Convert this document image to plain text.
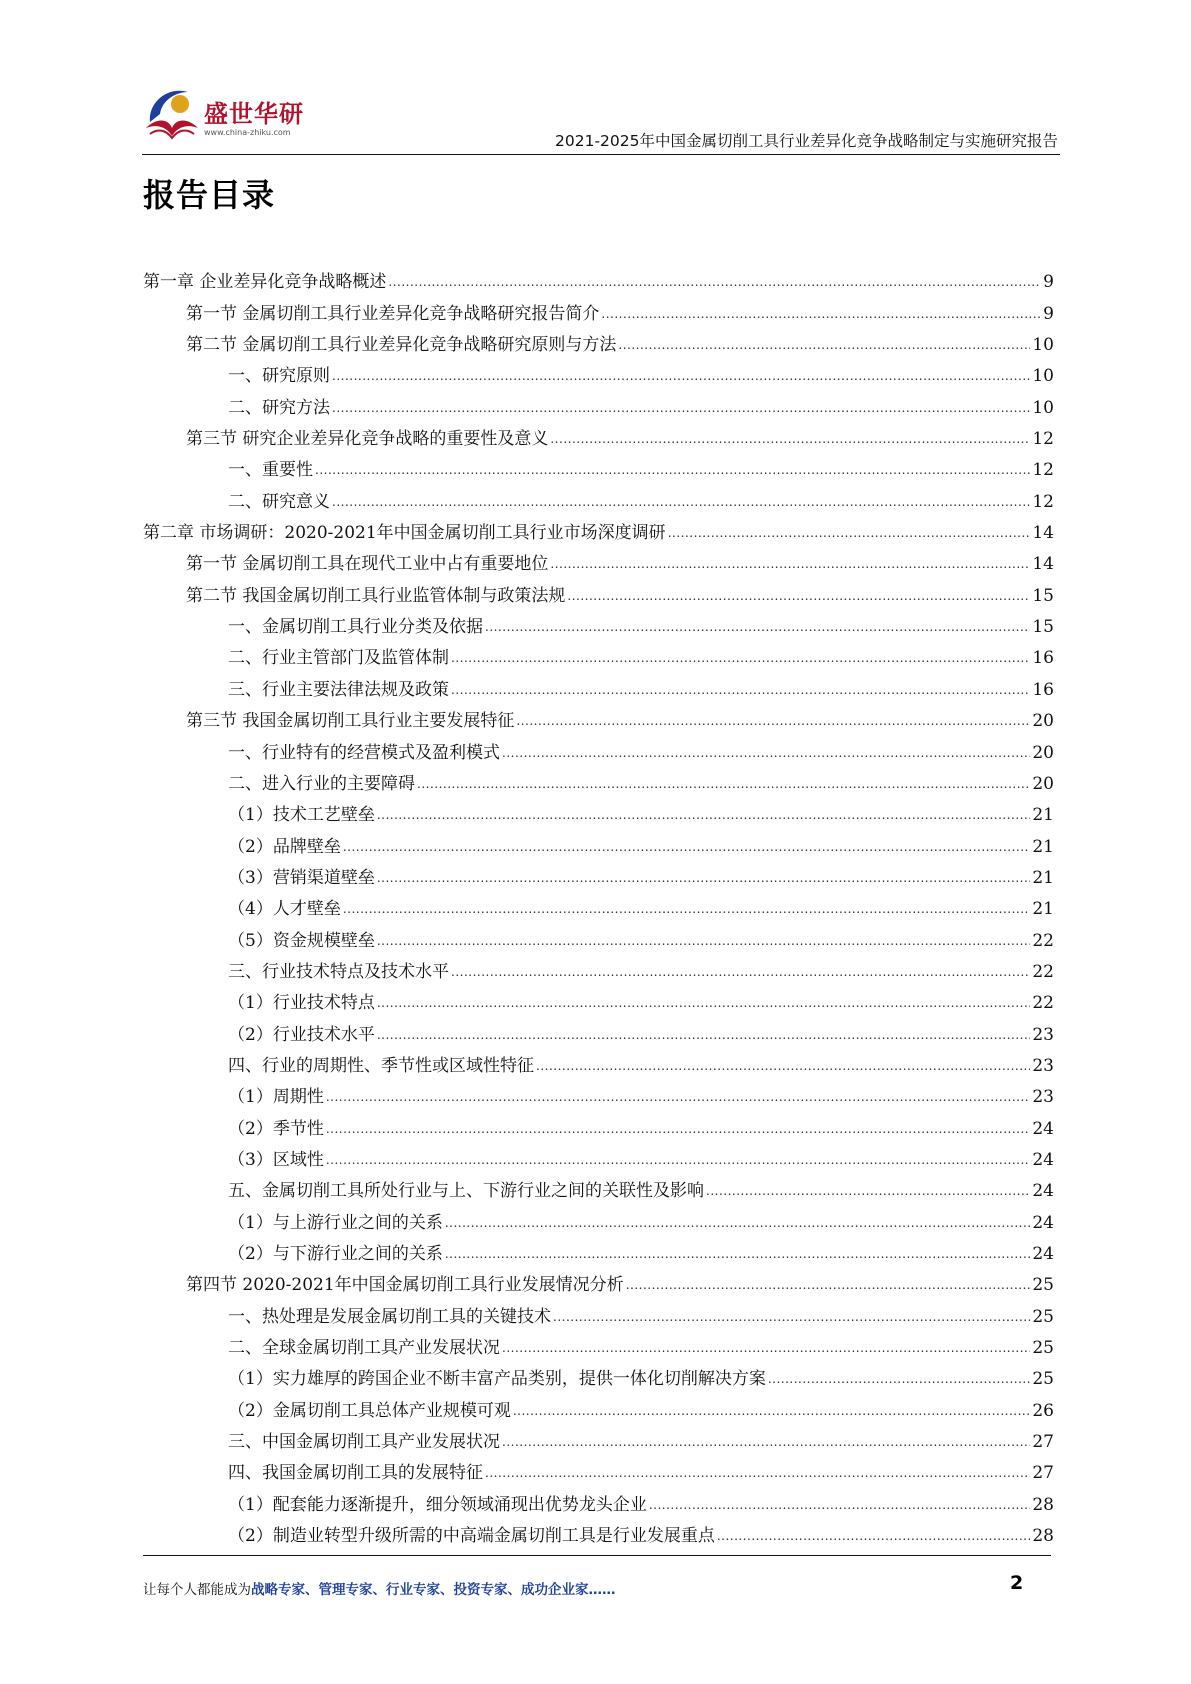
盛世华研
www.china-zhiku.com	2021-2025年中国金属切削工具行业差异化竞争战略制定与实施研究报告
报告目录
第一章 企业差异化竞争战略概述 .....	9
第一节 金属切削工具行业差异化竞争战略研究报告简介 .....	9
第二节 金属切削工具行业差异化竞争战略研究原则与方法 .....	10
一、研究原则 .....	10
二、研究方法 .....	10
第三节 研究企业差异化竞争战略的重要性及意义 .....	12
一、重要性 .....	12
二、研究意义 .....	12
第二章 市场调研：2020-2021年中国金属切削工具行业市场深度调研 .....	14
第一节 金属切削工具在现代工业中占有重要地位 .....	14
第二节 我国金属切削工具行业监管体制与政策法规 .....	15
一、金属切削工具行业分类及依据 .....	15
二、行业主管部门及监管体制 .....	16
三、行业主要法律法规及政策 .....	16
第三节 我国金属切削工具行业主要发展特征 .....	20
一、行业特有的经营模式及盈利模式 .....	20
二、进入行业的主要障碍 .....	20
（1）技术工艺壁垒 .....	21
（2）品牌壁垒 .....	21
（3）营销渠道壁垒 .....	21
（4）人才壁垒 .....	21
（5）资金规模壁垒 .....	22
三、行业技术特点及技术水平 .....	22
（1）行业技术特点 .....	22
（2）行业技术水平 .....	23
四、行业的周期性、季节性或区域性特征 .....	23
（1）周期性 .....	23
（2）季节性 .....	24
（3）区域性 .....	24
五、金属切削工具所处行业与上、下游行业之间的关联性及影响 .....	24
（1）与上游行业之间的关系 .....	24
（2）与下游行业之间的关系 .....	24
第四节 2020-2021年中国金属切削工具行业发展情况分析 .....	25
一、热处理是发展金属切削工具的关键技术 .....	25
二、全球金属切削工具产业发展状况 .....	25
（1）实力雄厚的跨国企业不断丰富产品类别，提供一体化切削解决方案 .....	25
（2）金属切削工具总体产业规模可观 .....	26
三、中国金属切削工具产业发展状况 .....	27
四、我国金属切削工具的发展特征 .....	27
（1）配套能力逐渐提升，细分领域涌现出优势龙头企业 .....	28
（2）制造业转型升级所需的中高端金属切削工具是行业发展重点 .....	28
让每个人都能成为战略专家、管理专家、行业专家、投资专家、成功企业家……	2
